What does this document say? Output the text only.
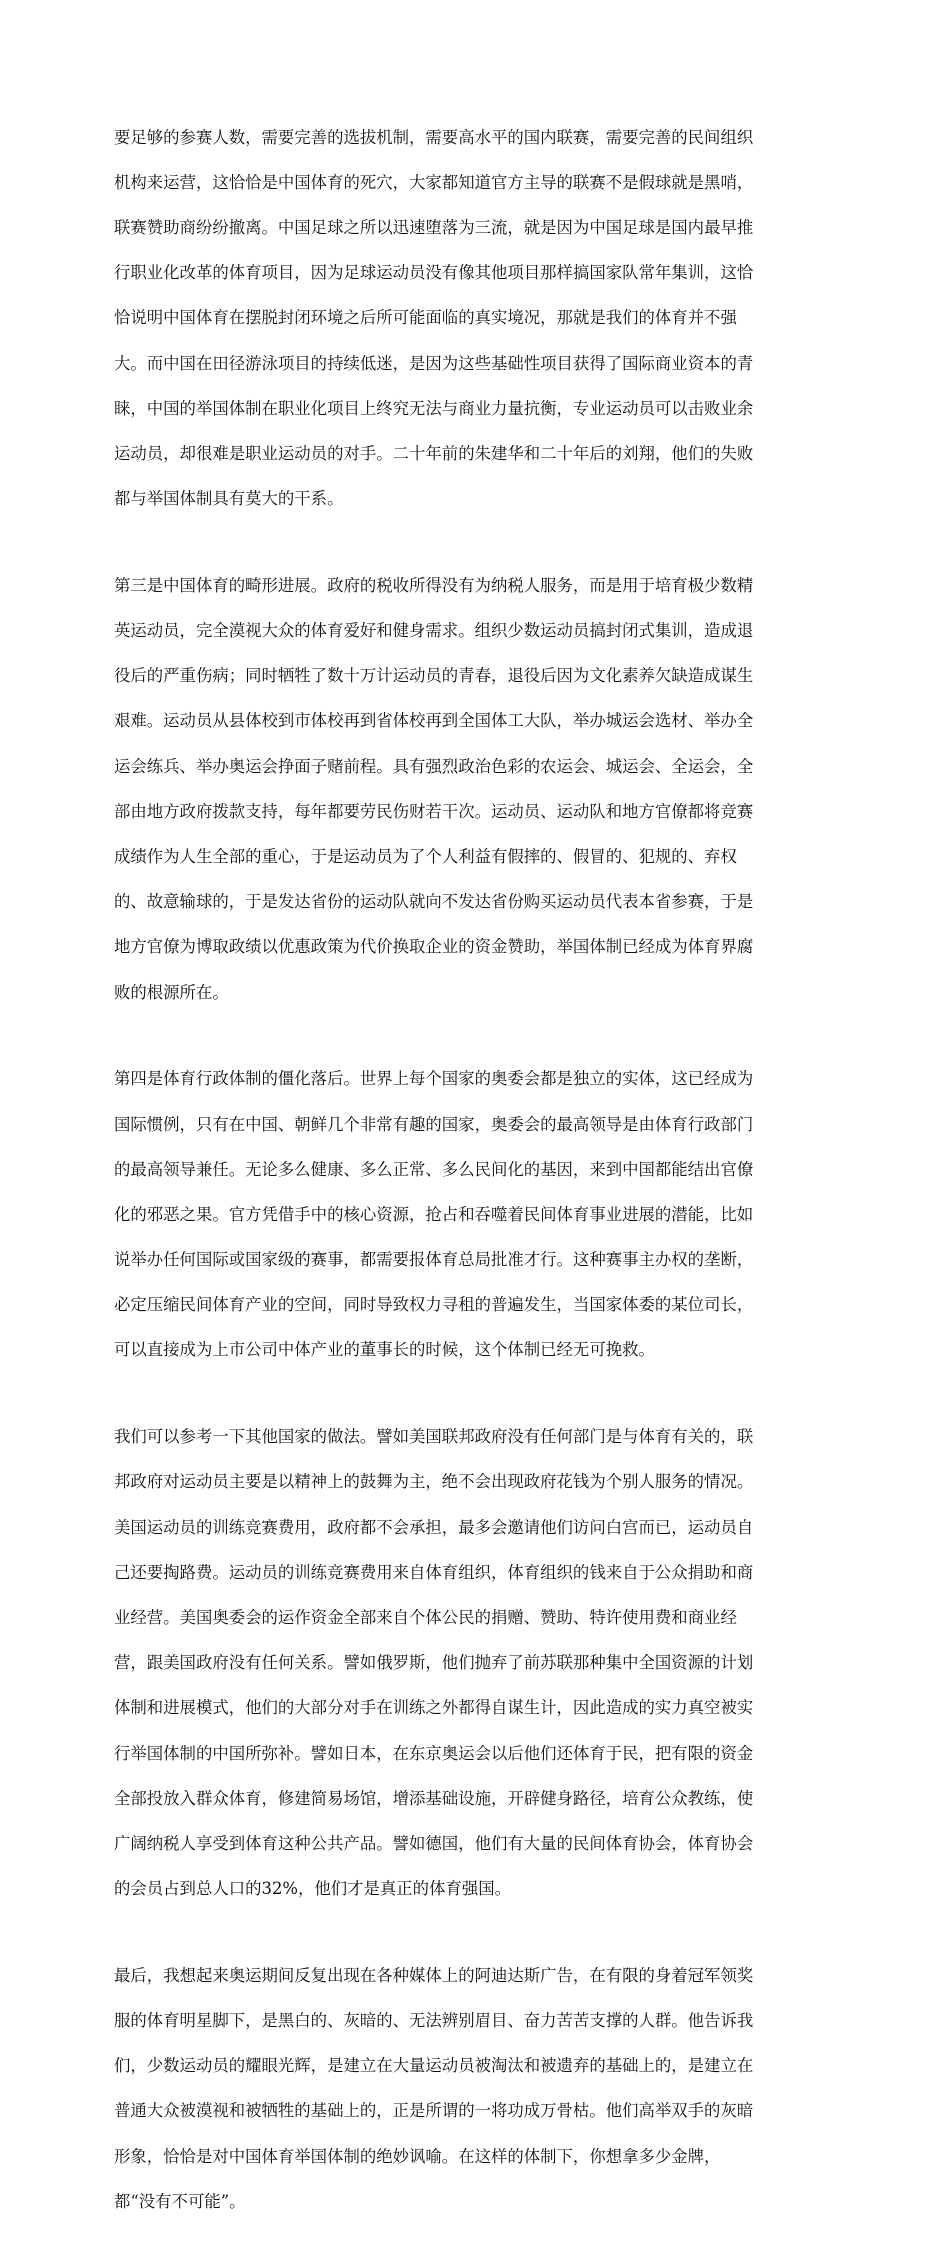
要足够的参赛人数，需要完善的选拔机制，需要高水平的国内联赛，需要完善的民间组织

机构来运营，这恰恰是中国体育的死穴，大家都知道官方主导的联赛不是假球就是黑哨，

联赛赞助商纷纷撤离。中国足球之所以迅速堕落为三流，就是因为中国足球是国内最早推

行职业化改革的体育项目，因为足球运动员没有像其他项目那样搞国家队常年集训，这恰

恰说明中国体育在摆脱封闭环境之后所可能面临的真实境况，那就是我们的体育并不强

大。而中国在田径游泳项目的持续低迷，是因为这些基础性项目获得了国际商业资本的青

睐，中国的举国体制在职业化项目上终究无法与商业力量抗衡，专业运动员可以击败业余

运动员，却很难是职业运动员的对手。二十年前的朱建华和二十年后的刘翔，他们的失败

都与举国体制具有莫大的干系。

第三是中国体育的畸形进展。政府的税收所得没有为纳税人服务，而是用于培育极少数精

英运动员，完全漠视大众的体育爱好和健身需求。组织少数运动员搞封闭式集训，造成退

役后的严重伤病；同时牺牲了数十万计运动员的青春，退役后因为文化素养欠缺造成谋生

艰难。运动员从县体校到市体校再到省体校再到全国体工大队，举办城运会选材、举办全

运会练兵、举办奥运会挣面子赌前程。具有强烈政治色彩的农运会、城运会、全运会，全

部由地方政府拨款支持，每年都要劳民伤财若干次。运动员、运动队和地方官僚都将竞赛

成绩作为人生全部的重心，于是运动员为了个人利益有假摔的、假冒的、犯规的、弃权

的、故意输球的，于是发达省份的运动队就向不发达省份购买运动员代表本省参赛，于是

地方官僚为博取政绩以优惠政策为代价换取企业的资金赞助，举国体制已经成为体育界腐

败的根源所在。

第四是体育行政体制的僵化落后。世界上每个国家的奥委会都是独立的实体，这已经成为

国际惯例，只有在中国、朝鲜几个非常有趣的国家，奥委会的最高领导是由体育行政部门

的最高领导兼任。无论多么健康、多么正常、多么民间化的基因，来到中国都能结出官僚

化的邪恶之果。官方凭借手中的核心资源，抢占和吞噬着民间体育事业进展的潜能，比如

说举办任何国际或国家级的赛事，都需要报体育总局批准才行。这种赛事主办权的垄断，

必定压缩民间体育产业的空间，同时导致权力寻租的普遍发生，当国家体委的某位司长，

可以直接成为上市公司中体产业的董事长的时候，这个体制已经无可挽救。

我们可以参考一下其他国家的做法。譬如美国联邦政府没有任何部门是与体育有关的，联

邦政府对运动员主要是以精神上的鼓舞为主，绝不会出现政府花钱为个别人服务的情况。

美国运动员的训练竞赛费用，政府都不会承担，最多会邀请他们访问白宫而已，运动员自

己还要掏路费。运动员的训练竞赛费用来自体育组织，体育组织的钱来自于公众捐助和商

业经营。美国奥委会的运作资金全部来自个体公民的捐赠、赞助、特许使用费和商业经

营，跟美国政府没有任何关系。譬如俄罗斯，他们抛弃了前苏联那种集中全国资源的计划

体制和进展模式，他们的大部分对手在训练之外都得自谋生计，因此造成的实力真空被实

行举国体制的中国所弥补。譬如日本，在东京奥运会以后他们还体育于民，把有限的资金

全部投放入群众体育，修建简易场馆，增添基础设施，开辟健身路径，培育公众教练，使

广阔纳税人享受到体育这种公共产品。譬如德国，他们有大量的民间体育协会，体育协会

的会员占到总人口的32%，他们才是真正的体育强国。

最后，我想起来奥运期间反复出现在各种媒体上的阿迪达斯广告，在有限的身着冠军领奖

服的体育明星脚下，是黑白的、灰暗的、无法辨别眉目、奋力苦苦支撑的人群。他告诉我

们，少数运动员的耀眼光辉，是建立在大量运动员被淘汰和被遗弃的基础上的，是建立在

普通大众被漠视和被牺牲的基础上的，正是所谓的一将功成万骨枯。他们高举双手的灰暗

形象，恰恰是对中国体育举国体制的绝妙讽喻。在这样的体制下，你想拿多少金牌，

都“没有不可能”。
